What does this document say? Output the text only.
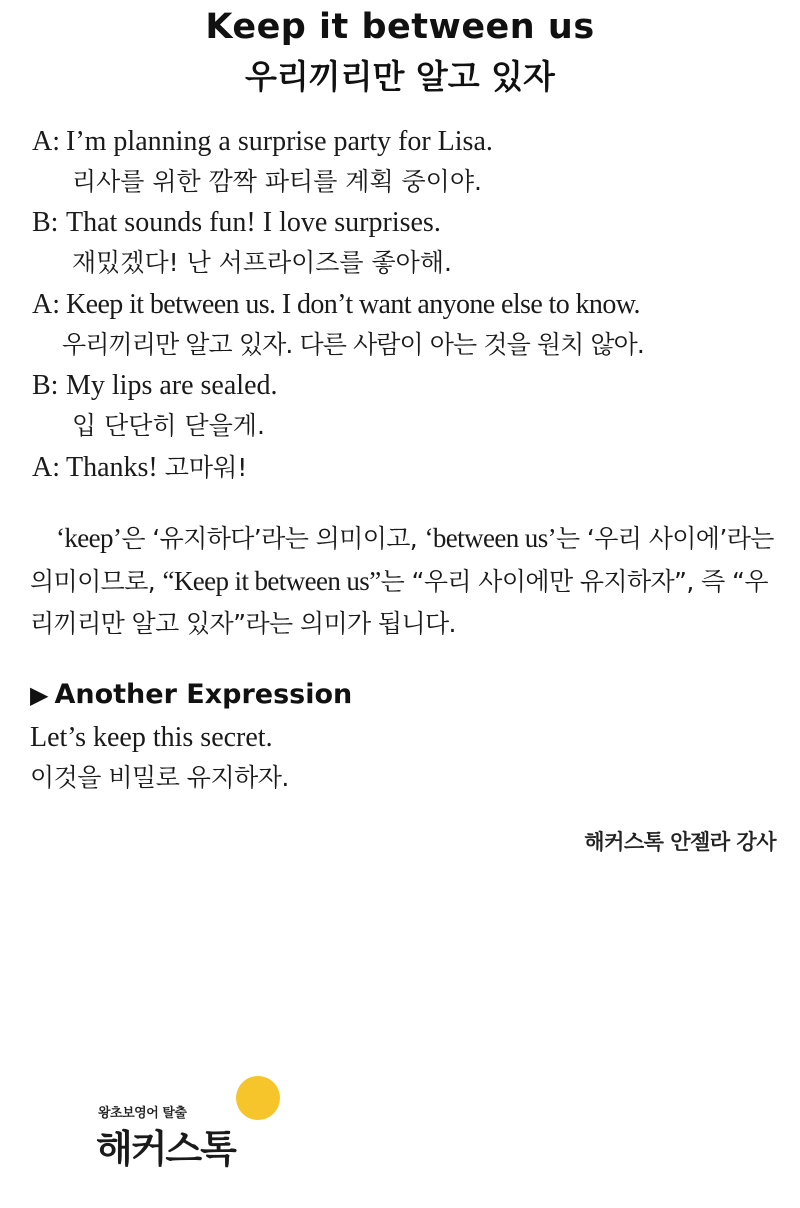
Keep it between us
우리끼리만 알고 있자
A: I’m planning a surprise party for Lisa.
리사를 위한 깜짝 파티를 계획 중이야.
B: That sounds fun! I love surprises.
재밌겠다! 난 서프라이즈를 좋아해.
A: Keep it between us. I don’t want anyone else to know.
우리끼리만 알고 있자. 다른 사람이 아는 것을 원치 않아.
B: My lips are sealed.
입 단단히 닫을게.
A: Thanks! 고마워!
‘keep’은 ‘유지하다’라는 의미이고, ‘between us’는 ‘우리 사이에’라는 의미이므로, “Keep it between us”는 “우리 사이에만 유지하자”, 즉 “우리끼리만 알고 있자”라는 의미가 됩니다.
▶ Another Expression
Let’s keep this secret.
이것을 비밀로 유지하자.
해커스톡 안젤라 강사
왕초보영어 탈출
해커스톡
